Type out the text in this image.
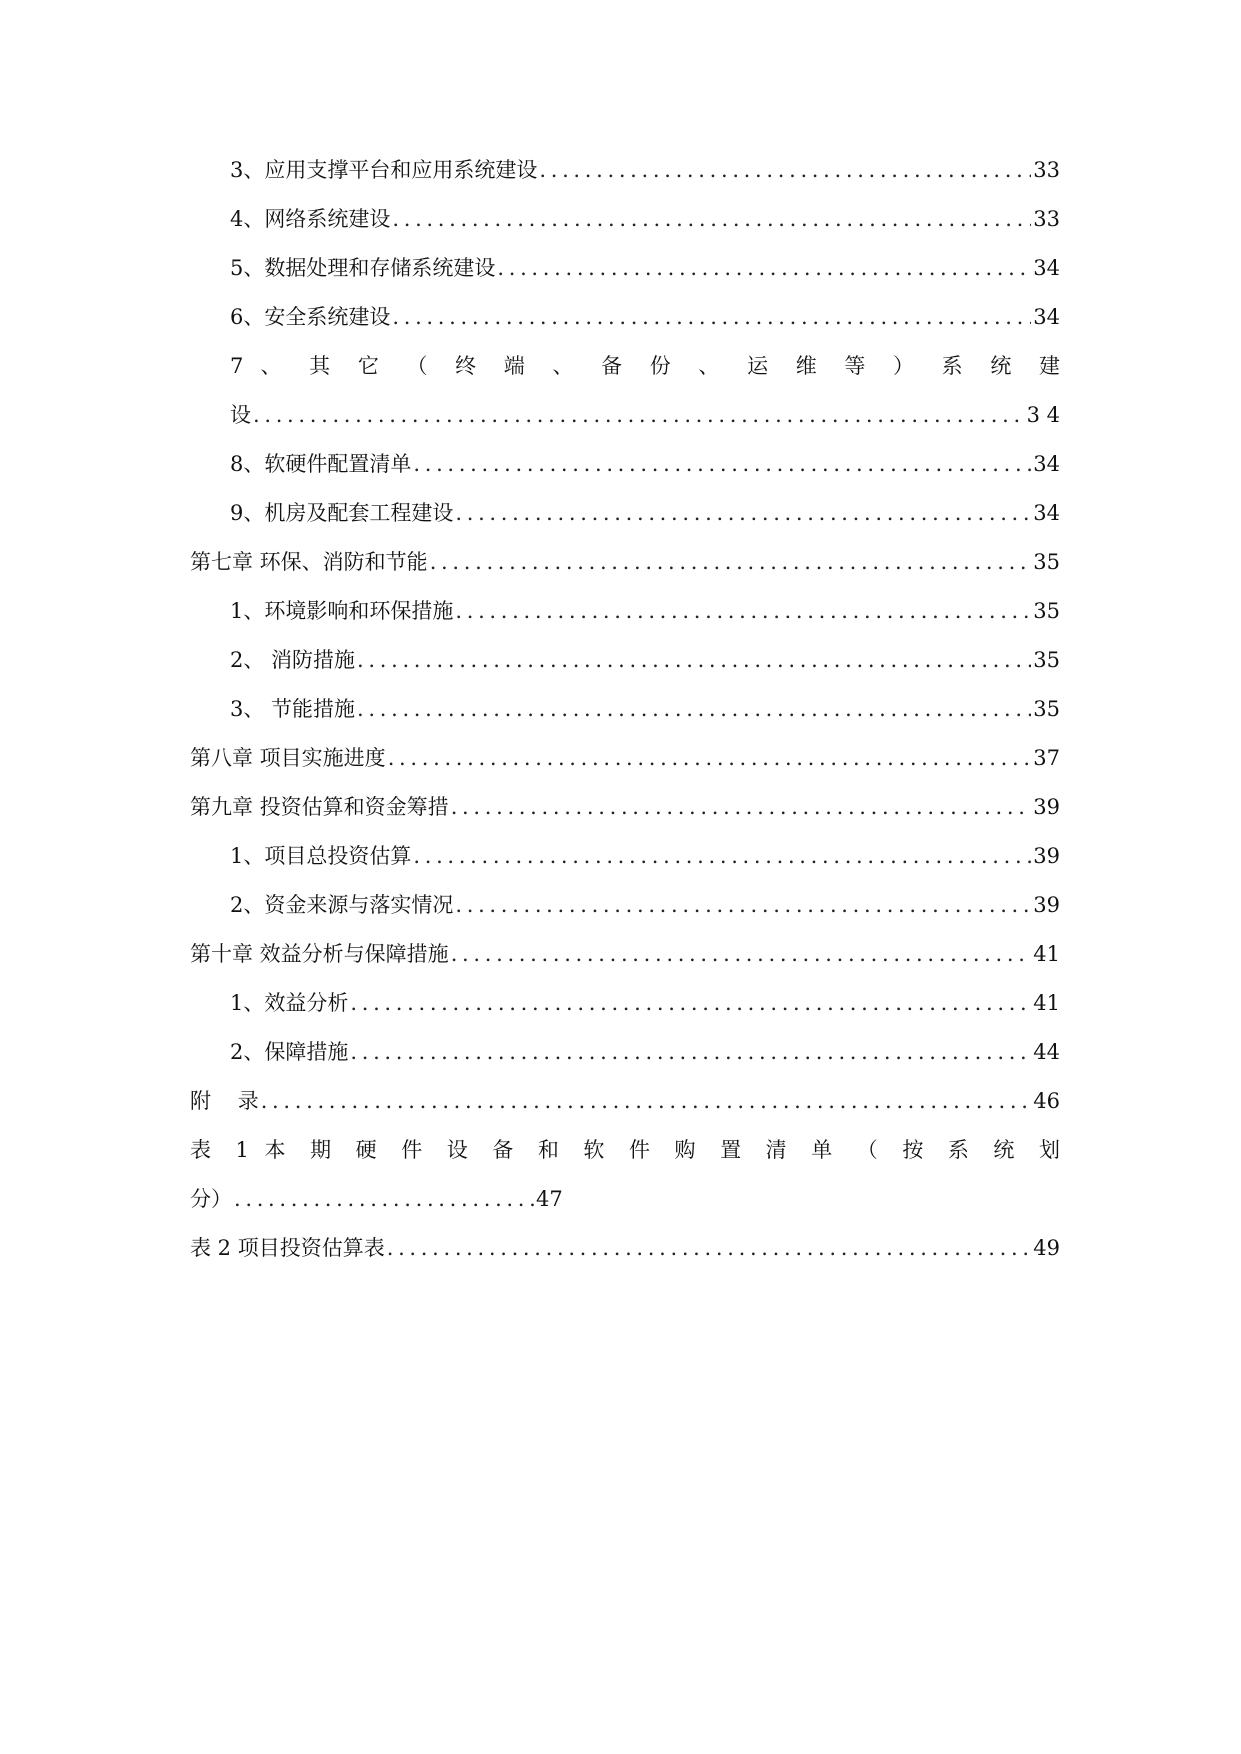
3、应用支撑平台和应用系统建设 . . .	33
4、网络系统建设 . . .	33
5、数据处理和存储系统建设 . . .	34
6、安全系统建设 . . .	34
7 、 其 它 （ 终 端 、 备 份 、 运 维 等 ） 系 统 建
设 . . .	3 4
8、软硬件配置清单 . . .	34
9、机房及配套工程建设 . . .	34
第七章 环保、消防和节能 . . .	35
1、环境影响和环保措施 . . .	35
2、 消防措施 . . .	35
3、 节能措施 . . .	35
第八章 项目实施进度 . . .	37
第九章 投资估算和资金筹措 . . .	39
1、项目总投资估算 . . .	39
2、资金来源与落实情况 . . .	39
第十章 效益分析与保障措施 . . .	41
1、效益分析 . . .	41
2、保障措施 . . .	44
附    录 . . .	46
表 1 本 期 硬 件 设 备 和 软 件 购 置 清 单 （ 按 系 统 划
分） . . .	47
表 2 项目投资估算表 . . .	49
